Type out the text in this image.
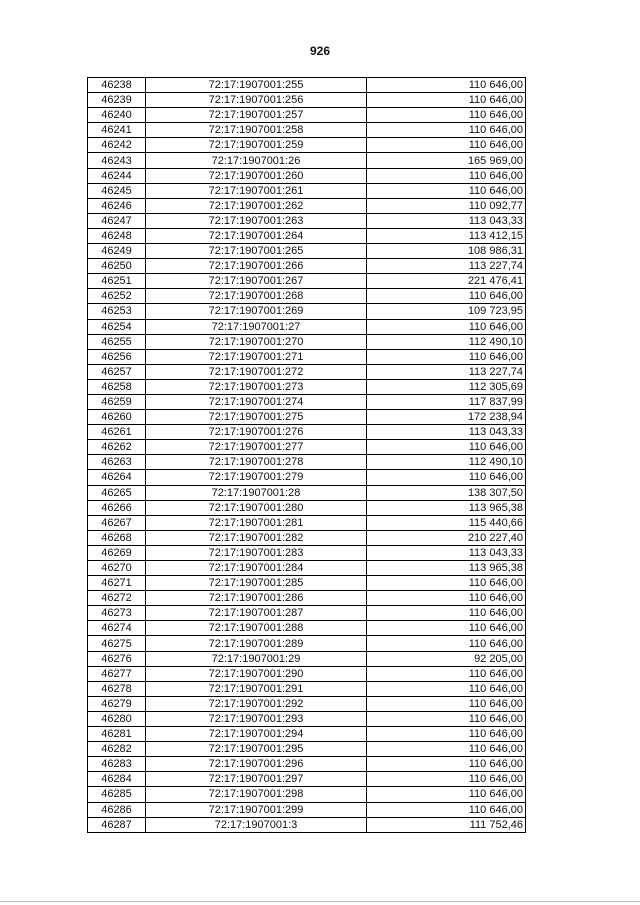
926
46238	72:17:1907001:255	110 646,00
46239	72:17:1907001:256	110 646,00
46240	72:17:1907001:257	110 646,00
46241	72:17:1907001:258	110 646,00
46242	72:17:1907001:259	110 646,00
46243	72:17:1907001:26	165 969,00
46244	72:17:1907001:260	110 646,00
46245	72:17:1907001:261	110 646,00
46246	72:17:1907001:262	110 092,77
46247	72:17:1907001:263	113 043,33
46248	72:17:1907001:264	113 412,15
46249	72:17:1907001:265	108 986,31
46250	72:17:1907001:266	113 227,74
46251	72:17:1907001:267	221 476,41
46252	72:17:1907001:268	110 646,00
46253	72:17:1907001:269	109 723,95
46254	72:17:1907001:27	110 646,00
46255	72:17:1907001:270	112 490,10
46256	72:17:1907001:271	110 646,00
46257	72:17:1907001:272	113 227,74
46258	72:17:1907001:273	112 305,69
46259	72:17:1907001:274	117 837,99
46260	72:17:1907001:275	172 238,94
46261	72:17:1907001:276	113 043,33
46262	72:17:1907001:277	110 646,00
46263	72:17:1907001:278	112 490,10
46264	72:17:1907001:279	110 646,00
46265	72:17:1907001:28	138 307,50
46266	72:17:1907001:280	113 965,38
46267	72:17:1907001:281	115 440,66
46268	72:17:1907001:282	210 227,40
46269	72:17:1907001:283	113 043,33
46270	72:17:1907001:284	113 965,38
46271	72:17:1907001:285	110 646,00
46272	72:17:1907001:286	110 646,00
46273	72:17:1907001:287	110 646,00
46274	72:17:1907001:288	110 646,00
46275	72:17:1907001:289	110 646,00
46276	72:17:1907001:29	92 205,00
46277	72:17:1907001:290	110 646,00
46278	72:17:1907001:291	110 646,00
46279	72:17:1907001:292	110 646,00
46280	72:17:1907001:293	110 646,00
46281	72:17:1907001:294	110 646,00
46282	72:17:1907001:295	110 646,00
46283	72:17:1907001:296	110 646,00
46284	72:17:1907001:297	110 646,00
46285	72:17:1907001:298	110 646,00
46286	72:17:1907001:299	110 646,00
46287	72:17:1907001:3	111 752,46
